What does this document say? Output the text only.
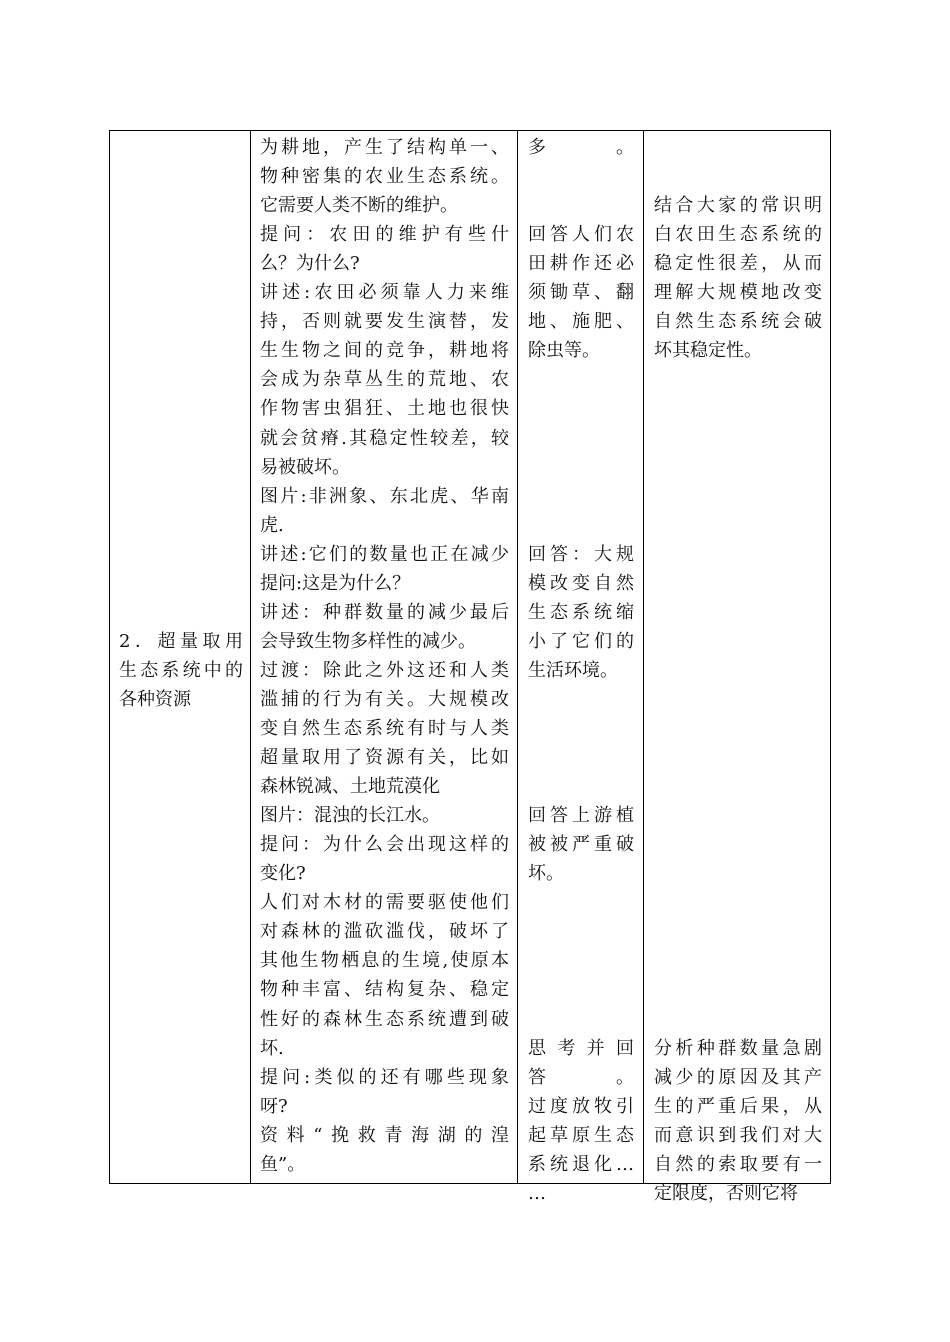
2．超量取用
生态系统中的
各种资源
为耕地，产生了结构单一、
物种密集的农业生态系统。
它需要人类不断的维护。
提问：农田的维护有些什
么？为什么?
讲述:农田必须靠人力来维
持，否则就要发生演替，发
生生物之间的竞争，耕地将
会成为杂草丛生的荒地、农
作物害虫猖狂、土地也很快
就会贫瘠.其稳定性较差，较
易被破坏。
图片:非洲象、东北虎、华南
虎.
讲述:它们的数量也正在减少
提问:这是为什么？
讲述：种群数量的减少最后
会导致生物多样性的减少。
过渡：除此之外这还和人类
滥捕的行为有关。大规模改
变自然生态系统有时与人类
超量取用了资源有关，比如
森林锐减、土地荒漠化
图片：混浊的长江水。
提问：为什么会出现这样的
变化?
人们对木材的需要驱使他们
对森林的滥砍滥伐，破坏了
其他生物栖息的生境,使原本
物种丰富、结构复杂、稳定
性好的森林生态系统遭到破
坏.
提问:类似的还有哪些现象
呀?
资料“挽救青海湖的湟
鱼”。
多。
回答人们农
田耕作还必
须锄草、翻
地、施肥、
除虫等。
回答：大规
模改变自然
生态系统缩
小了它们的
生活环境。
回答上游植
被被严重破
坏。
思考并回
答。
过度放牧引
起草原生态
系统退化…
…
结合大家的常识明
白农田生态系统的
稳定性很差，从而
理解大规模地改变
自然生态系统会破
坏其稳定性。
分析种群数量急剧
减少的原因及其产
生的严重后果，从
而意识到我们对大
自然的索取要有一
定限度，否则它将
